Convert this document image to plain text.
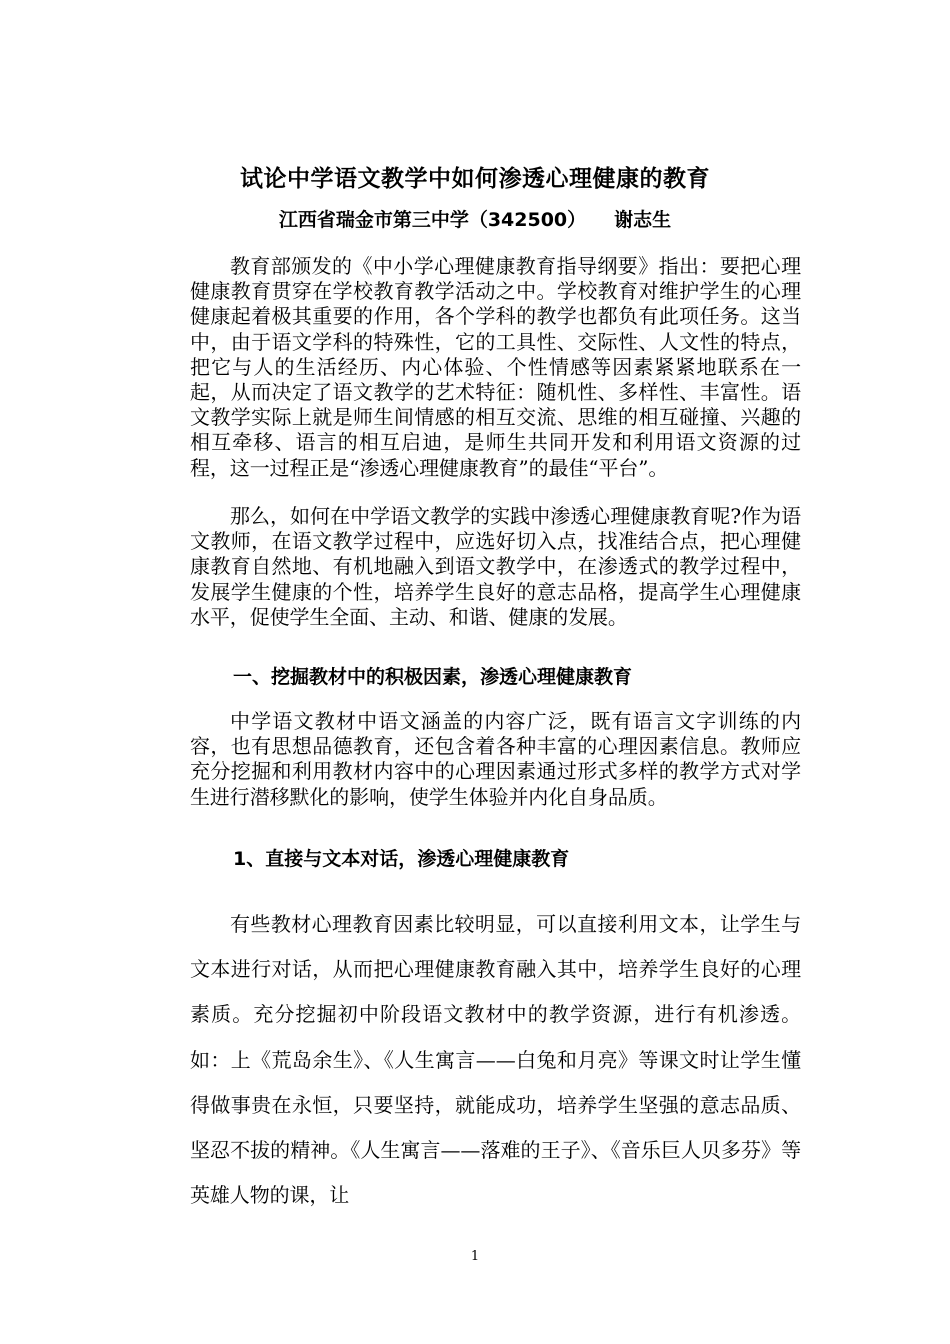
试论中学语文教学中如何渗透心理健康的教育
江西省瑞金市第三中学（342500） 谢志生
教育部颁发的《中小学心理健康教育指导纲要》指出：要把心理健康教育贯穿在学校教育教学活动之中。学校教育对维护学生的心理健康起着极其重要的作用，各个学科的教学也都负有此项任务。这当中，由于语文学科的特殊性，它的工具性、交际性、人文性的特点，把它与人的生活经历、内心体验、个性情感等因素紧紧地联系在一起，从而决定了语文教学的艺术特征：随机性、多样性、丰富性。语文教学实际上就是师生间情感的相互交流、思维的相互碰撞、兴趣的相互牵移、语言的相互启迪，是师生共同开发和利用语文资源的过程，这一过程正是“渗透心理健康教育”的最佳“平台”。
那么，如何在中学语文教学的实践中渗透心理健康教育呢?作为语文教师，在语文教学过程中，应选好切入点，找准结合点，把心理健康教育自然地、有机地融入到语文教学中，在渗透式的教学过程中，发展学生健康的个性，培养学生良好的意志品格，提高学生心理健康水平，促使学生全面、主动、和谐、健康的发展。
一、挖掘教材中的积极因素，渗透心理健康教育
中学语文教材中语文涵盖的内容广泛，既有语言文字训练的内容，也有思想品德教育，还包含着各种丰富的心理因素信息。教师应充分挖掘和利用教材内容中的心理因素通过形式多样的教学方式对学生进行潜移默化的影响，使学生体验并内化自身品质。
1、直接与文本对话，渗透心理健康教育
有些教材心理教育因素比较明显，可以直接利用文本，让学生与文本进行对话，从而把心理健康教育融入其中，培养学生良好的心理素质。充分挖掘初中阶段语文教材中的教学资源，进行有机渗透。如：上《荒岛余生》、《人生寓言——白兔和月亮》等课文时让学生懂得做事贵在永恒，只要坚持，就能成功，培养学生坚强的意志品质、坚忍不拔的精神。《人生寓言——落难的王子》、《音乐巨人贝多芬》等英雄人物的课，让
1
